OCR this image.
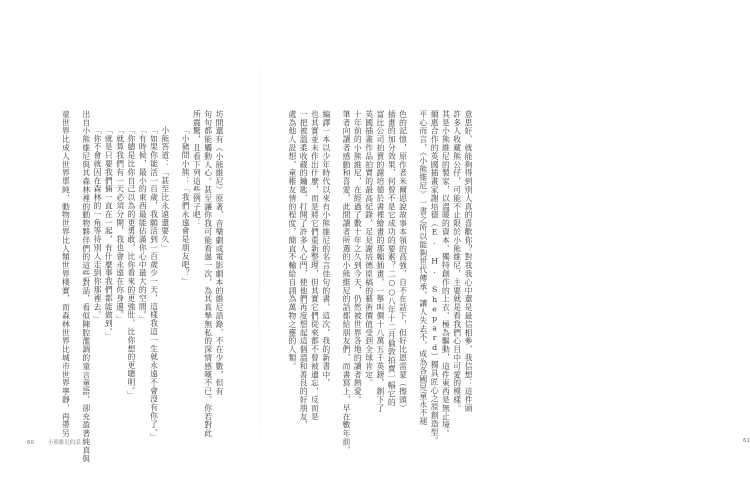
坊間還有《小熊維尼》原著，音樂劇或電影劇本的維尼語錄，不在少數，但有

句句都能觸動人心。甚至讓你我可能看過一次，為其真摯無私的深情感嘆不已。你若對此

所震驚，且看下列這些例子吧：

「小豬問小熊：「我們永遠會是朋友吧？」

小熊答道：「甚至比永遠還要久」

「如果你能活一百歲，我願活到一百歲少一天，這樣我這一生就永遠不會沒有你了。」

「有時候，最小的東西最能佔滿你心中最大的空間。」

「你總是比你自己以為的更勇敢，比你看來的更強壯，比你想的更聰明。」

「就算我們有一天必須分開，我也會永遠在你身邊。」

「就是只要我們倆一直在一起，有什麼事我們都能做到。」

「你不會就因在森林的一角等待別人走到你那裡去。」

出自小熊維尼與其森林裡的動物夥伴們的這些對話，看似陳腔濫調的童言童語，卻充盈著純真與

童世界比成人世界單純，動物世界比人類世界樸實，而森林世界比城市世界寧靜，再帶另

60	小熊維尼的話

意思好，就能夠得到別人真的喜歡你？對我我心中還是最信相參，我信想：這件頭

許多人收藏熊公仔，可能不止限於小熊維尼，主要就是看我們心目中可愛的模樣。

其是小熊維尼的製家，以溫暖的資本、獨特創作的上衣、極為驅動，這件東西是無止境。

爾惠合作的英國插畫家謝培德（E. H. Shepard）獨具匠心之原創造型。

平心而言，《小熊維尼》一書之所以能夠世代傳承，讓人失去不，成為各國兒童永不褪

色的記憶，原作者米爾恩說故事本領的高強，自不在話下，但好比恩雷蒙（擦頭）

插畫的加分效果，何曾不是它成功的要素？二○○八年十二月倫敦拍賣一幅它的

富比公司拍賣的謝培德於書裡繪畫的那幅插畫，一舉叫價十八萬五千英鎊，創下了

英國插畫作品拍賣的最高紀錄，足見謝培德原稿的藝術價值受到全球肯定。

十年前的小熊維尼，在經過了數十年之久到今天，仍然被世界各地的讀者熱愛。

筆者向讀者感動和喜愛，此間讀者所選的小熊維尼的話都給朋友們，而書寫上，早在數年前，

編譯一本以少年時代以來有小熊維尼的名言佳句的書，這次，我的新書中，

也其實並未作出什麼，而是將它們重新整理，但其實它們從來都不曾被遺忘，反而是

一把被溫柔收藏的鑰匙，打開了許多人心門，使他們再度想起這個溫和善良的好朋友，

處為他人設想，童稚友情的程度，簡直不輸給自詡為萬物之靈的人類。

61
